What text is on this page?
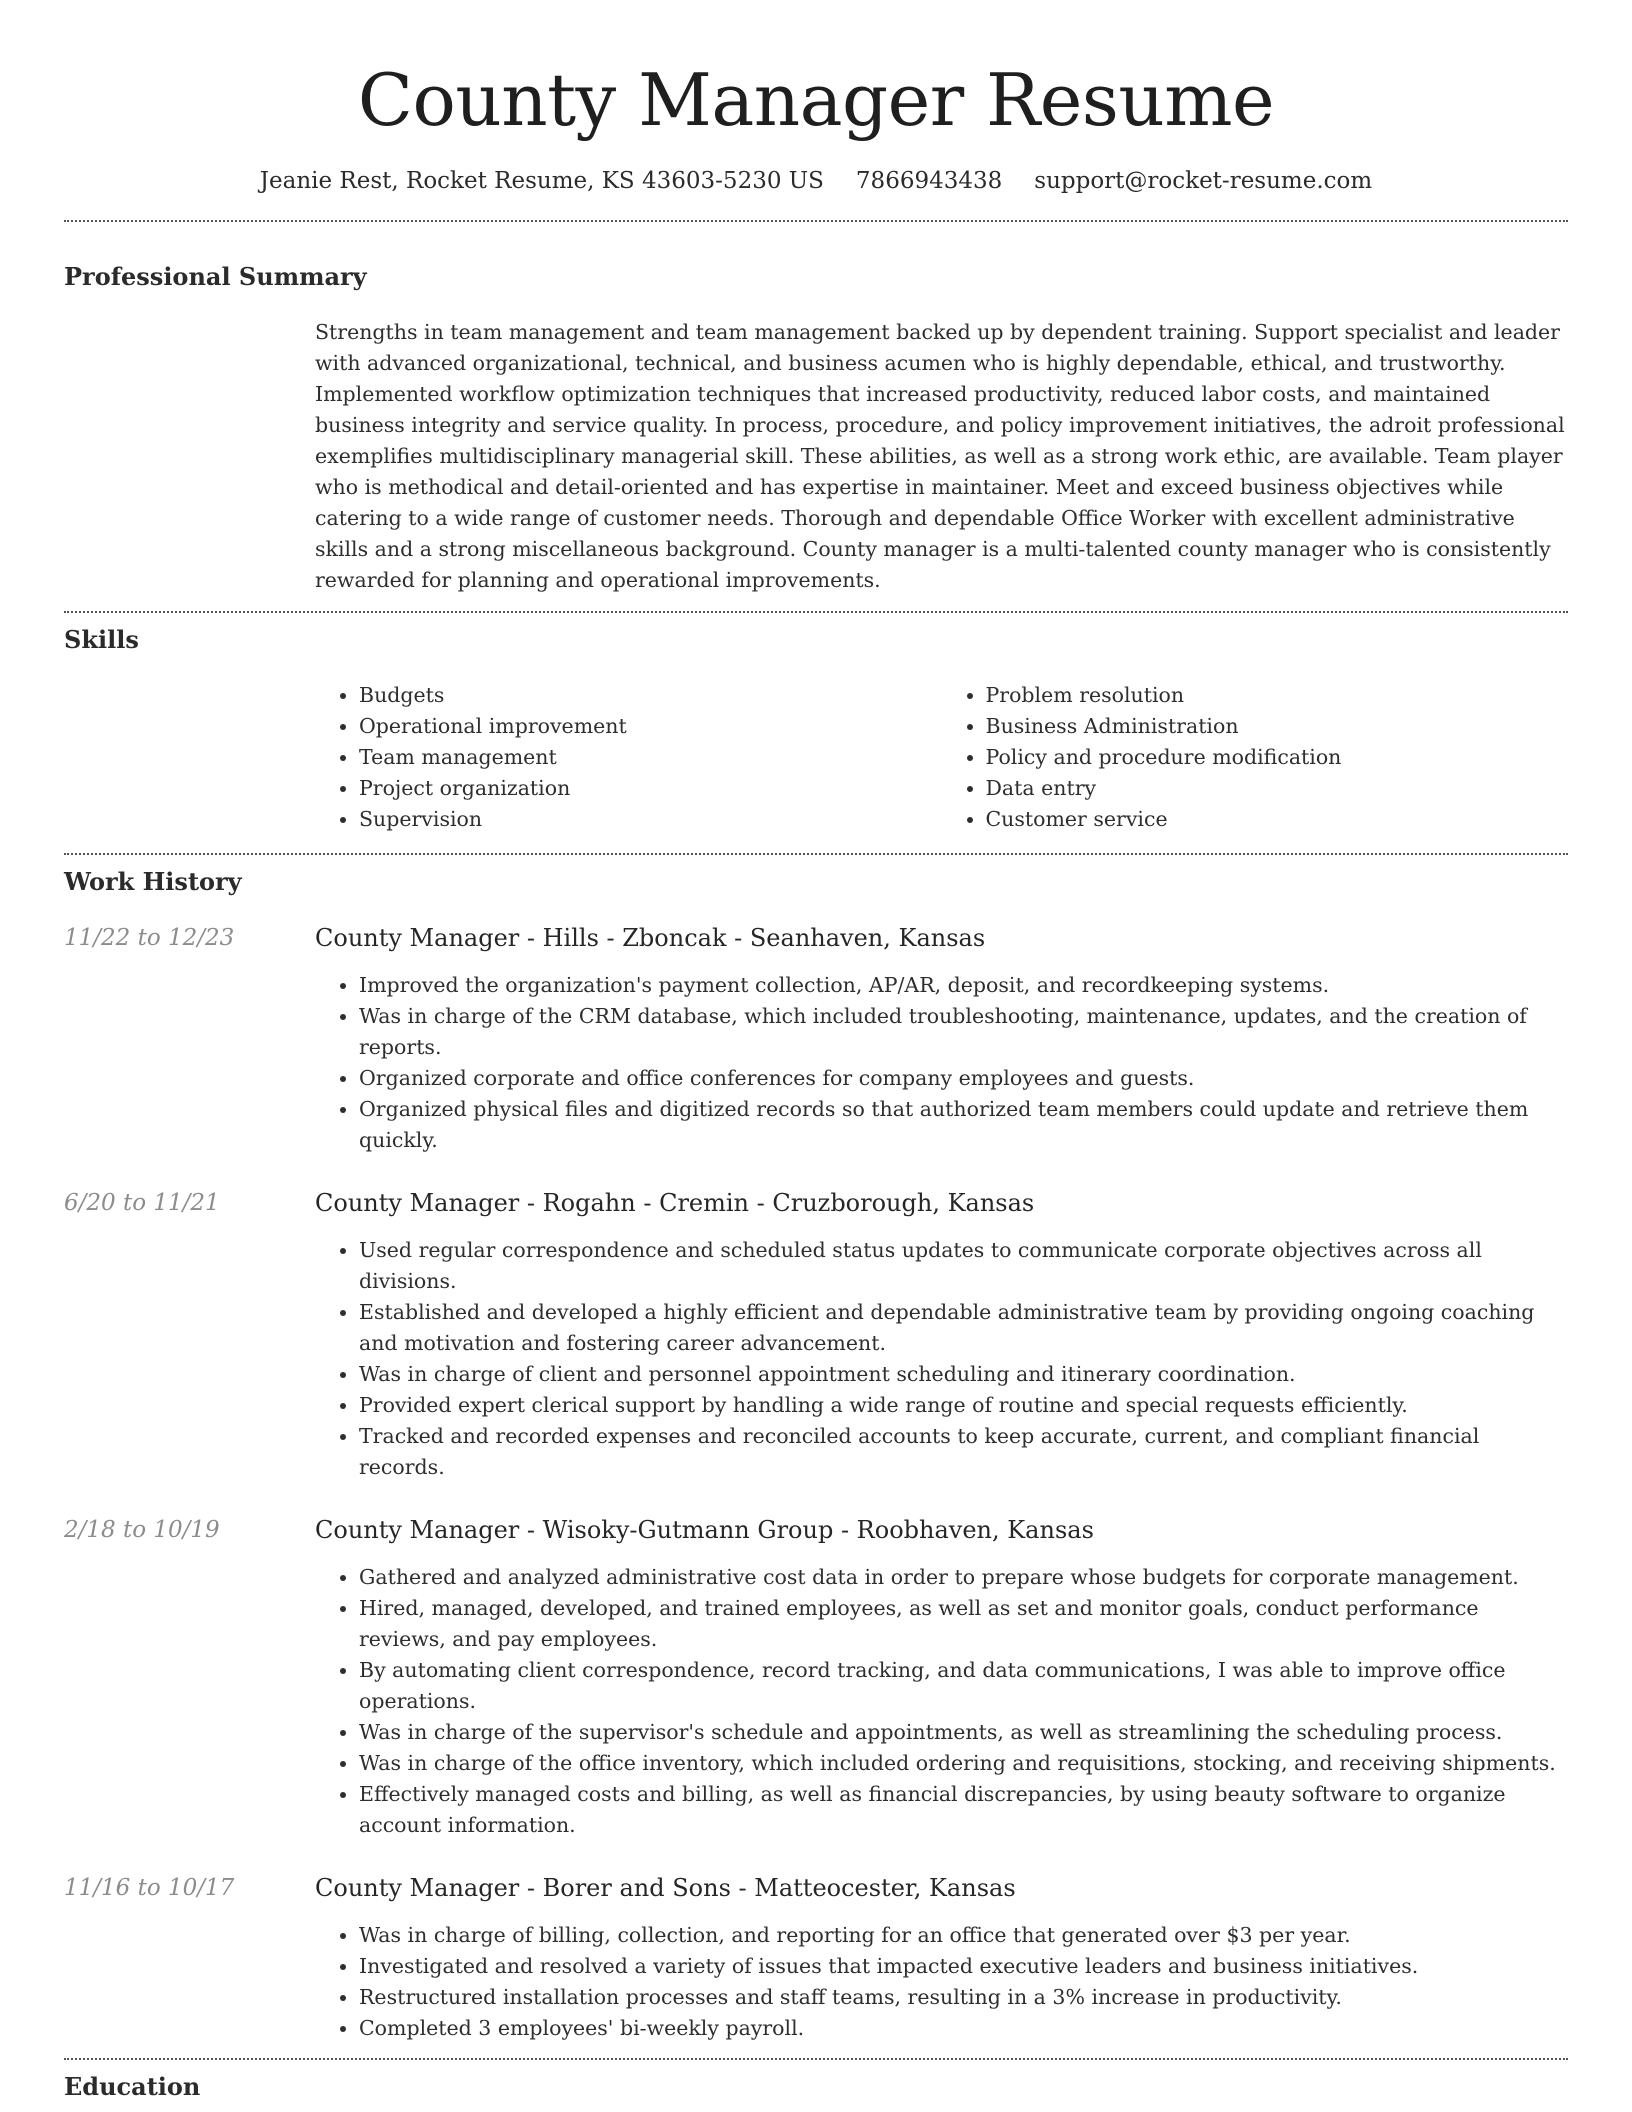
County Manager Resume
Jeanie Rest, Rocket Resume, KS 43603-5230 US 7866943438 support@rocket-resume.com
Professional Summary

Strengths in team management and team management backed up by dependent training. Support specialist and leader with advanced organizational, technical, and business acumen who is highly dependable, ethical, and trustworthy. Implemented workflow optimization techniques that increased productivity, reduced labor costs, and maintained business integrity and service quality. In process, procedure, and policy improvement initiatives, the adroit professional exemplifies multidisciplinary managerial skill. These abilities, as well as a strong work ethic, are available. Team player who is methodical and detail-oriented and has expertise in maintainer. Meet and exceed business objectives while catering to a wide range of customer needs. Thorough and dependable Office Worker with excellent administrative skills and a strong miscellaneous background. County manager is a multi-talented county manager who is consistently rewarded for planning and operational improvements.

Skills
• Budgets
• Operational improvement
• Team management
• Project organization
• Supervision
• Problem resolution
• Business Administration
• Policy and procedure modification
• Data entry
• Customer service
Work History
11/22 to 12/23	County Manager - Hills - Zboncak - Seanhaven, Kansas
• Improved the organization's payment collection, AP/AR, deposit, and recordkeeping systems.
• Was in charge of the CRM database, which included troubleshooting, maintenance, updates, and the creation of reports.
• Organized corporate and office conferences for company employees and guests.
• Organized physical files and digitized records so that authorized team members could update and retrieve them quickly.
6/20 to 11/21	County Manager - Rogahn - Cremin - Cruzborough, Kansas
• Used regular correspondence and scheduled status updates to communicate corporate objectives across all divisions.
• Established and developed a highly efficient and dependable administrative team by providing ongoing coaching and motivation and fostering career advancement.
• Was in charge of client and personnel appointment scheduling and itinerary coordination.
• Provided expert clerical support by handling a wide range of routine and special requests efficiently.
• Tracked and recorded expenses and reconciled accounts to keep accurate, current, and compliant financial records.
2/18 to 10/19	County Manager - Wisoky-Gutmann Group - Roobhaven, Kansas
• Gathered and analyzed administrative cost data in order to prepare whose budgets for corporate management.
• Hired, managed, developed, and trained employees, as well as set and monitor goals, conduct performance reviews, and pay employees.
• By automating client correspondence, record tracking, and data communications, I was able to improve office operations.
• Was in charge of the supervisor's schedule and appointments, as well as streamlining the scheduling process.
• Was in charge of the office inventory, which included ordering and requisitions, stocking, and receiving shipments.
• Effectively managed costs and billing, as well as financial discrepancies, by using beauty software to organize account information.
11/16 to 10/17	County Manager - Borer and Sons - Matteocester, Kansas
• Was in charge of billing, collection, and reporting for an office that generated over $3 per year.
• Investigated and resolved a variety of issues that impacted executive leaders and business initiatives.
• Restructured installation processes and staff teams, resulting in a 3% increase in productivity.
• Completed 3 employees' bi-weekly payroll.
Education
